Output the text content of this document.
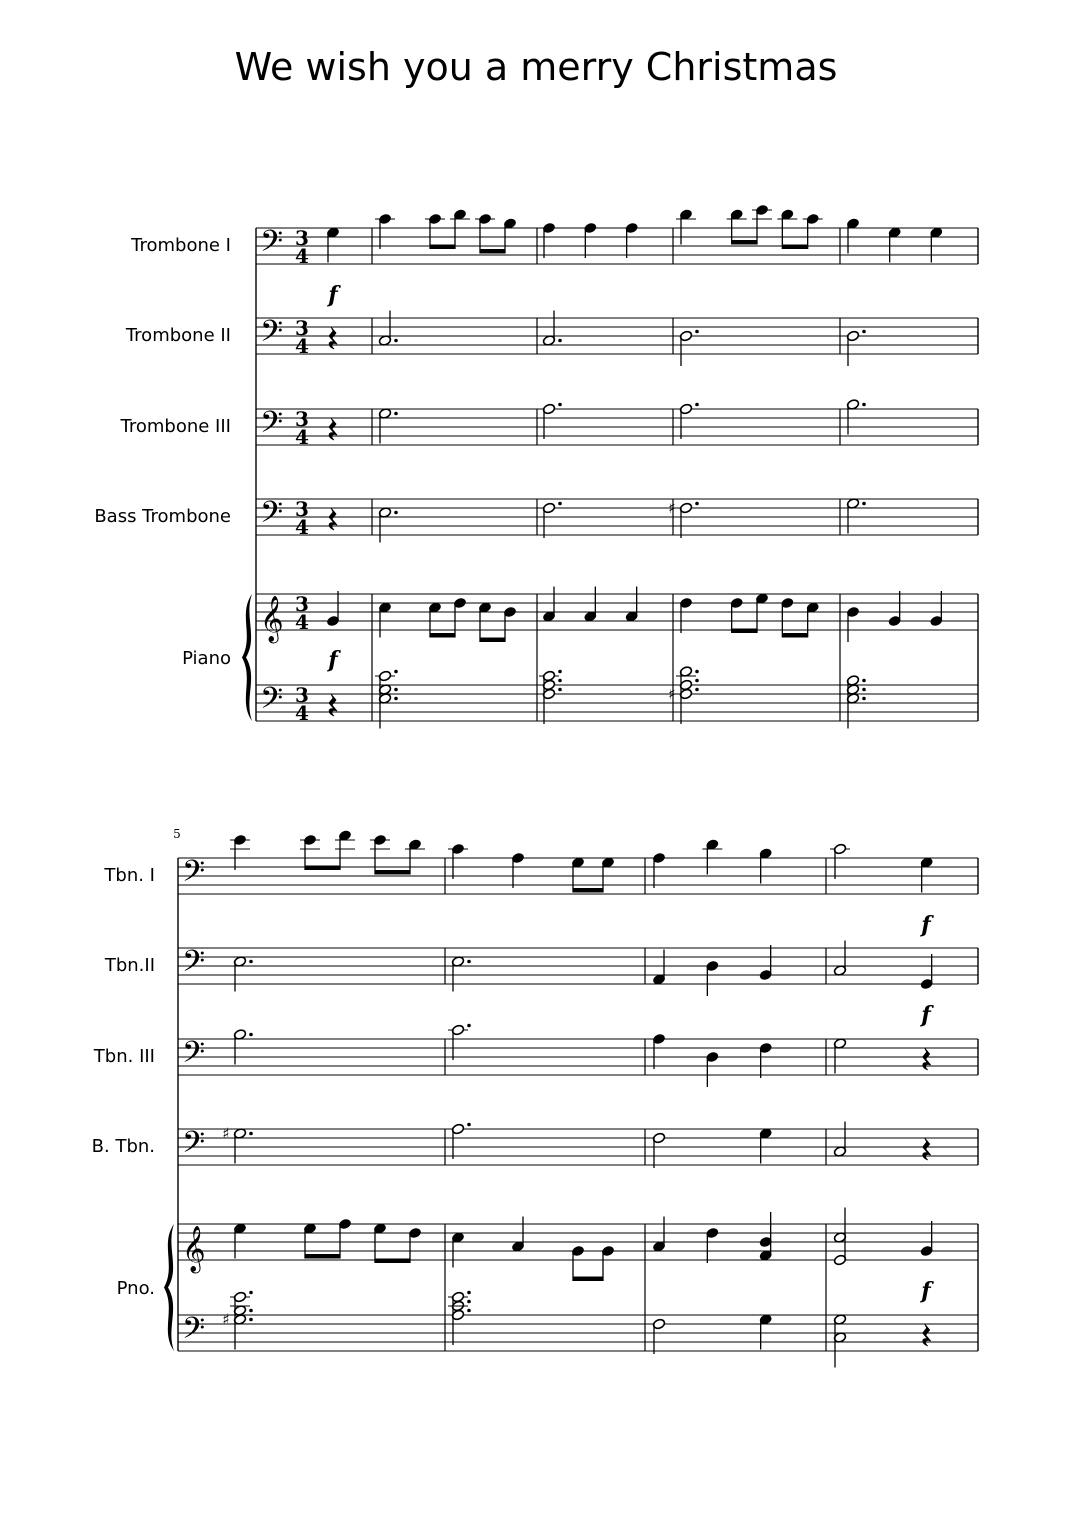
We wish you a merry Christmas
Trombone I
Trombone II
Trombone III
Bass Trombone
Piano
5
Tbn. I
Tbn.II
Tbn. III
B. Tbn.
Pno.
𝄢 3
4
𝄢 3
4
𝄢 3
4
𝄢 3
4
𝄞 3
4
𝄢 3
4
𝄢
𝄢
𝄢
𝄢
𝄞
𝄢
♯
♯
♯
♯
f
f
f
f
f
